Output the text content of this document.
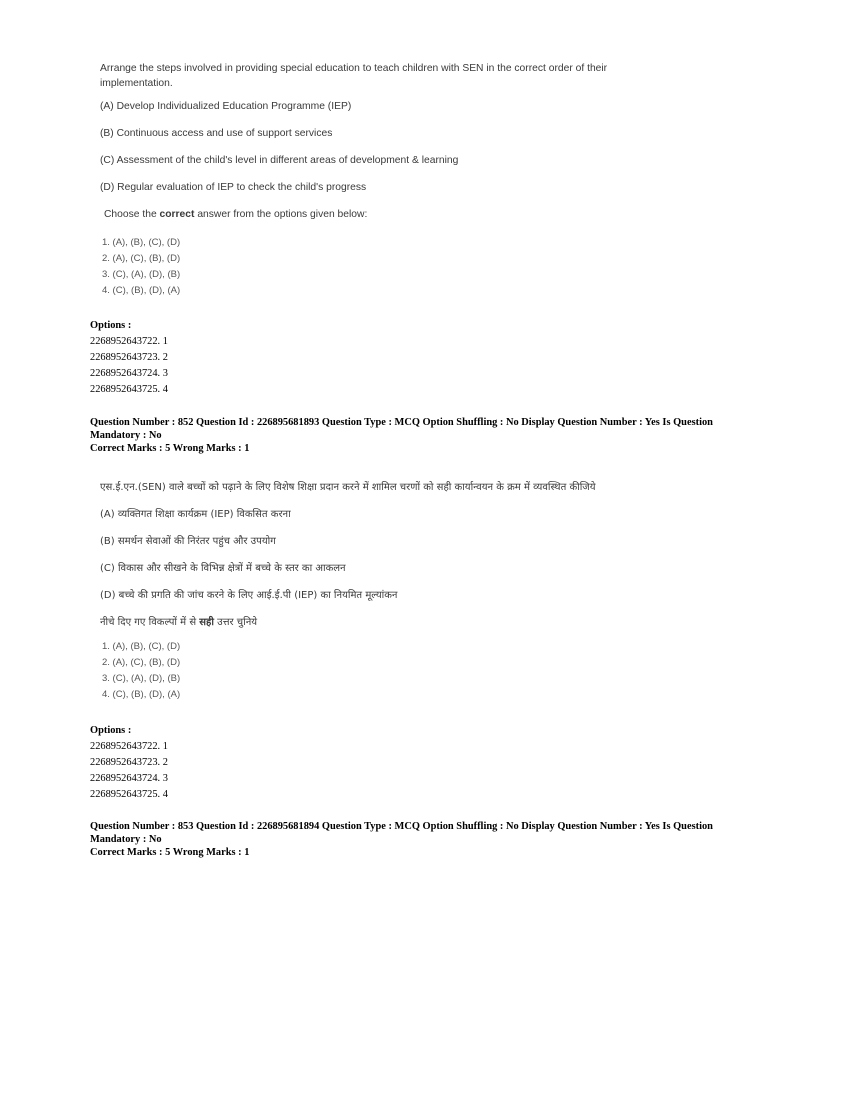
Arrange the steps involved in providing special education to teach children with SEN in the correct order of their implementation.

(A) Develop Individualized Education Programme (IEP)
(B) Continuous access and use of support services
(C) Assessment of the child's level in different areas of development & learning
(D) Regular evaluation of IEP to check the child's progress
Choose the correct answer from the options given below:
1. (A), (B), (C), (D)
2. (A), (C), (B), (D)
3. (C), (A), (D), (B)
4. (C), (B), (D), (A)
Options :
2268952643722. 1
2268952643723. 2
2268952643724. 3
2268952643725. 4
Question Number : 852 Question Id : 226895681893 Question Type : MCQ Option Shuffling : No Display Question Number : Yes Is Question
Mandatory : No
Correct Marks : 5 Wrong Marks : 1
एस.ई.एन.(SEN) वाले बच्चों को पढ़ाने के लिए विशेष शिक्षा प्रदान करने में शामिल चरणों को सही कार्यान्वयन के क्रम में व्यवस्थित कीजिये
(A) व्यक्तिगत शिक्षा कार्यक्रम (IEP) विकसित करना
(B) समर्थन सेवाओं की निरंतर पहुंच और उपयोग
(C) विकास और सीखने के विभिन्न क्षेत्रों में बच्चे के स्तर का आकलन
(D) बच्चे की प्रगति की जांच करने के लिए आई.ई.पी (IEP) का नियमित मूल्यांकन
नीचे दिए गए विकल्पों में से सही उत्तर चुनिये
1. (A), (B), (C), (D)
2. (A), (C), (B), (D)
3. (C), (A), (D), (B)
4. (C), (B), (D), (A)
Options :
2268952643722. 1
2268952643723. 2
2268952643724. 3
2268952643725. 4
Question Number : 853 Question Id : 226895681894 Question Type : MCQ Option Shuffling : No Display Question Number : Yes Is Question
Mandatory : No
Correct Marks : 5 Wrong Marks : 1
